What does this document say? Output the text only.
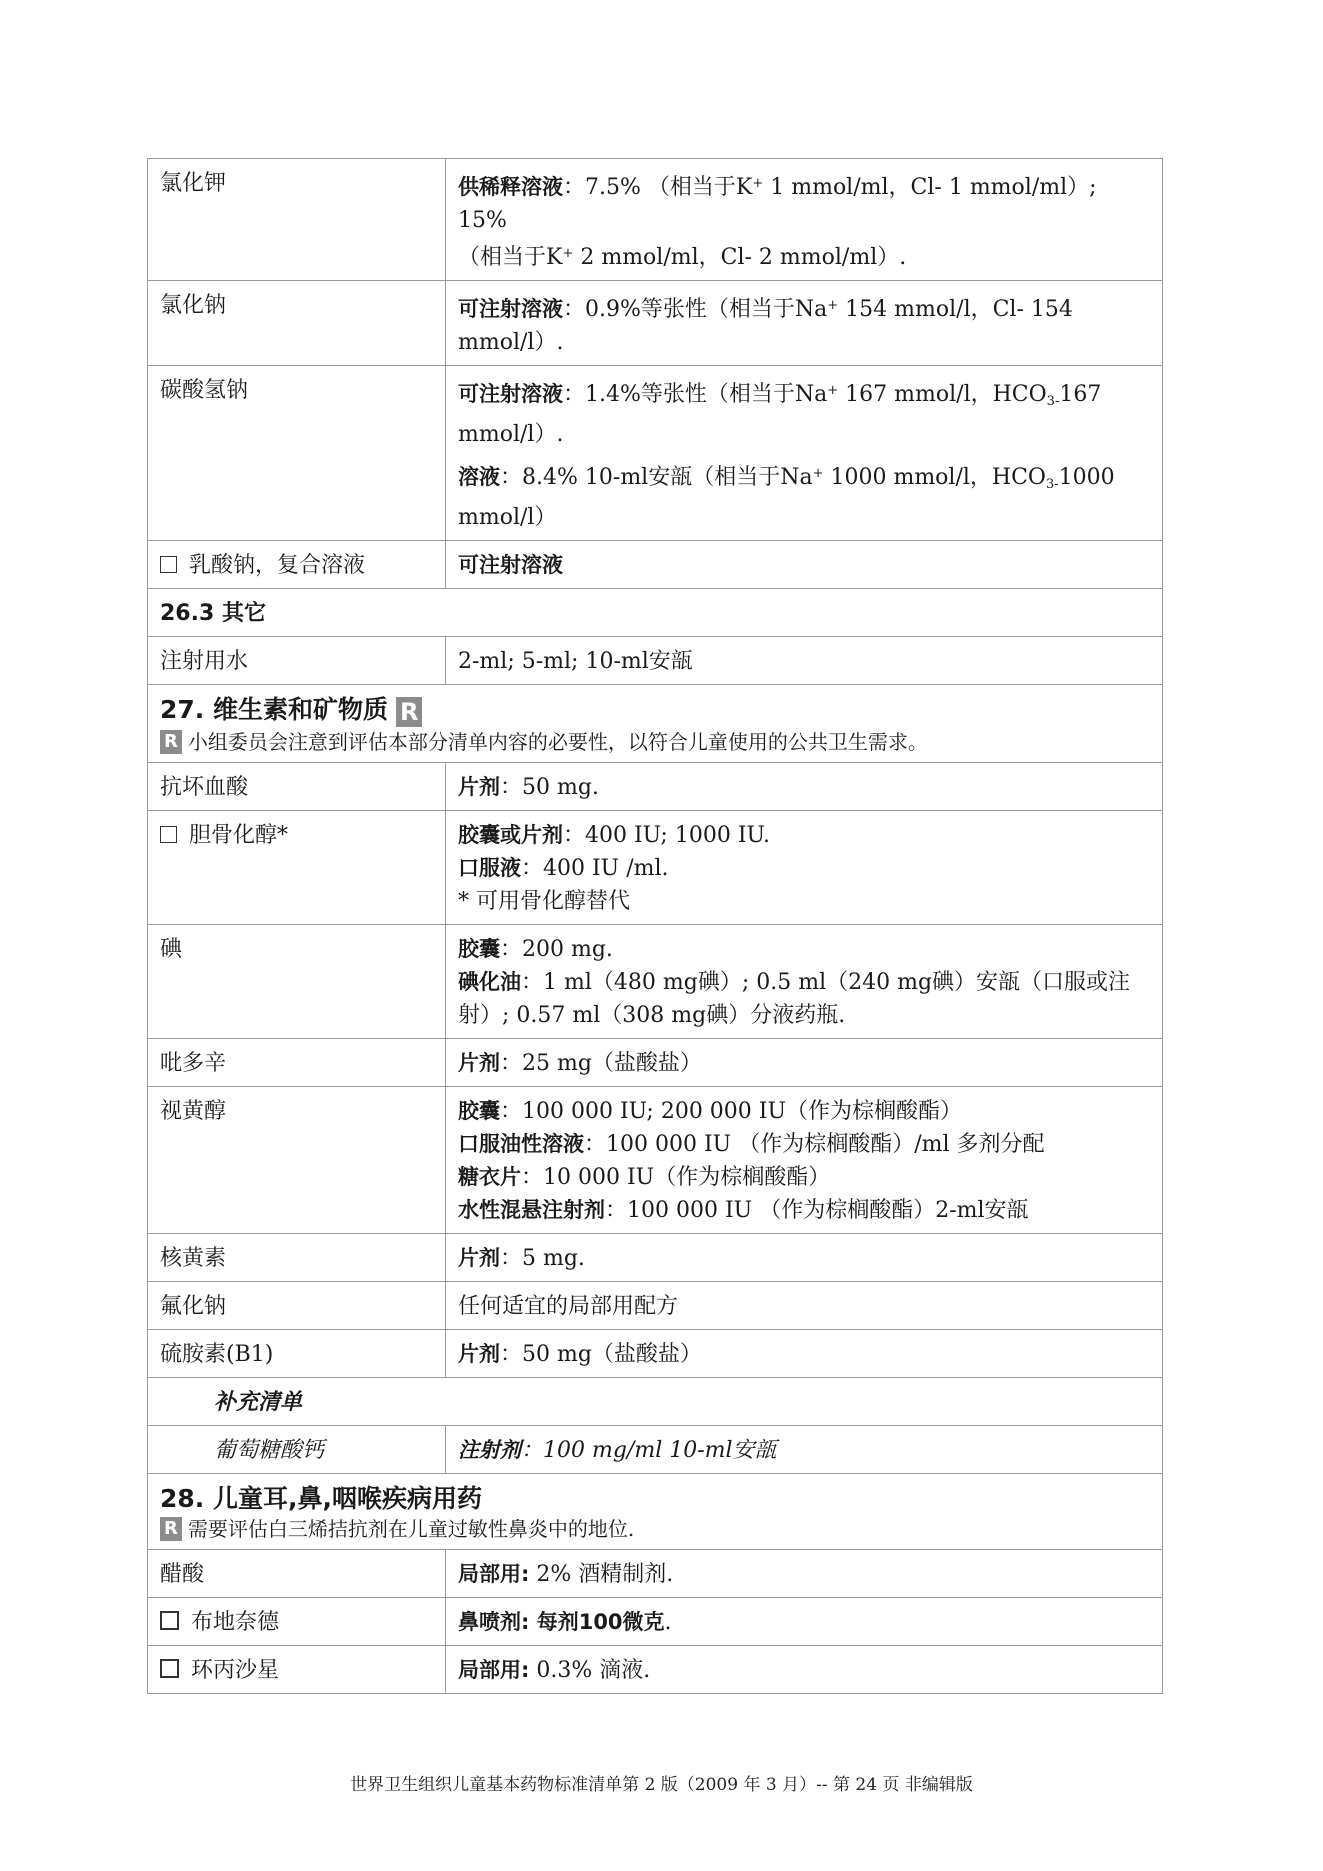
氯化钾	供稀释溶液：7.5% （相当于K+ 1 mmol/ml，Cl- 1 mmol/ml）; 15%
（相当于K+ 2 mmol/ml，Cl- 2 mmol/ml）.

氯化钠	可注射溶液：0.9%等张性（相当于Na+ 154 mmol/l，Cl- 154
mmol/l）.

碳酸氢钠	可注射溶液：1.4%等张性（相当于Na+ 167 mmol/l，$HCO_{3-}167$
mmol/l）.
溶液：8.4% 10-ml安瓿（相当于Na+ 1000 mmol/l，$HCO_{3-}1000$
mmol/l）

乳酸钠，复合溶液	可注射溶液
26.3 其它	
注射用水	2-ml; 5-ml; 10-ml安瓿

27. 维生素和矿物质 R
R 小组委员会注意到评估本部分清单内容的必要性，以符合儿童使用的公共卫生需求。	

抗坏血酸	片剂：50 mg.
胆骨化醇*	胶囊或片剂：400 IU; 1000 IU.
口服液：400 IU /ml.
* 可用骨化醇替代

碘	胶囊：200 mg.
碘化油：1 ml（480 mg碘）; 0.5 ml（240 mg碘）安瓿（口服或注
射）; 0.57 ml（308 mg碘）分液药瓶.

吡多辛	片剂：25 mg（盐酸盐）
视黄醇	胶囊：100 000 IU; 200 000 IU（作为棕榈酸酯）
口服油性溶液：100 000 IU （作为棕榈酸酯）/ml 多剂分配
糖衣片：10 000 IU（作为棕榈酸酯）
水性混悬注射剂：100 000 IU （作为棕榈酸酯）2-ml安瓿

核黄素	片剂：5 mg.
氟化钠	任何适宜的局部用配方
硫胺素(B1)	片剂：50 mg（盐酸盐）
补充清单	
葡萄糖酸钙	注射剂：100 mg/ml 10-ml安瓿

28. 儿童耳,鼻,咽喉疾病用药
R 需要评估白三烯拮抗剂在儿童过敏性鼻炎中的地位.	

醋酸	局部用: 2% 酒精制剂.
布地奈德	鼻喷剂: 每剂100微克.
环丙沙星	局部用: 0.3% 滴液.
世界卫生组织儿童基本药物标准清单第 2 版（2009 年 3 月）-- 第 24 页 非编辑版
